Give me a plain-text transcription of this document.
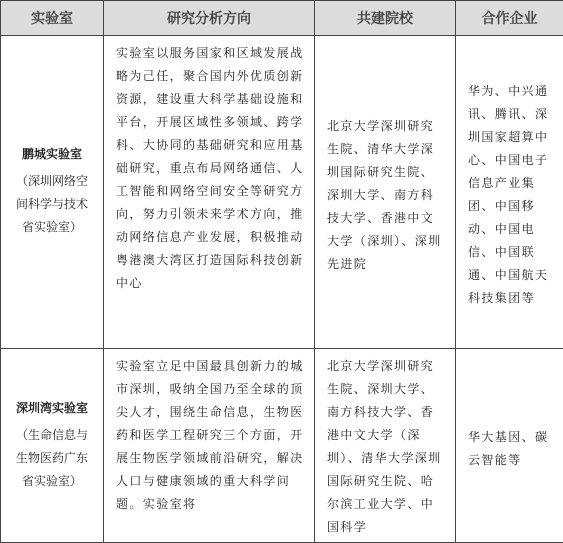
实验室	研究分析方向	共建院校	合作企业

鹏城实验室
（深圳网络空间科学与技术省实验室）	实验室以服务国家和区域发展战略为己任，聚合国内外优质创新资源，建设重大科学基础设施和平台，开展区域性多领域、跨学科、大协同的基础研究和应用基础研究，重点布局网络通信、人工智能和网络空间安全等研究方向，努力引领未来学术方向，推动网络信息产业发展，积极推动粤港澳大湾区打造国际科技创新中心	北京大学深圳研究生院、清华大学深圳国际研究生院、深圳大学、南方科技大学、香港中文大学（深圳）、深圳先进院	华为、中兴通讯、腾讯、深圳国家超算中心、中国电子信息产业集团、中国移动、中国电信、中国联通、中国航天科技集团等

深圳湾实验室
（生命信息与生物医药广东省实验室）	实验室立足中国最具创新力的城市深圳，吸纳全国乃至全球的顶尖人才，围绕生命信息，生物医药和医学工程研究三个方面，开展生物医学领域前沿研究，解决人口与健康领域的重大科学问题。实验室将	北京大学深圳研究生院、深圳大学、南方科技大学、香港中文大学（深圳）、清华大学深圳国际研究生院、哈尔滨工业大学、中国科学	华大基因、碳云智能等
